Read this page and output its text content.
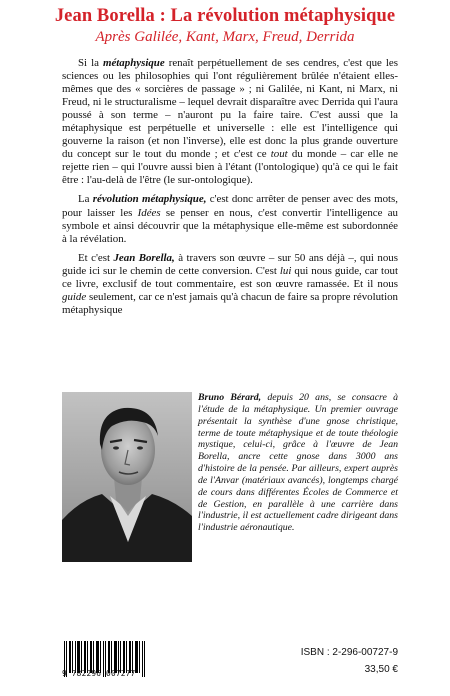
Jean Borella : La révolution métaphysique
Après Galilée, Kant, Marx, Freud, Derrida

Si la métaphysique renaît perpétuellement de ses cendres, c'est que les sciences ou les philosophies qui l'ont régulièrement brûlée n'étaient elles-mêmes que des « sorcières de passage » ; ni Galilée, ni Kant, ni Marx, ni Freud, ni le structuralisme – lequel devrait disparaître avec Derrida qui l'aura poussé à son terme – n'auront pu la faire taire. C'est aussi que la métaphysique est perpétuelle et universelle : elle est l'intelligence qui gouverne la raison (et non l'inverse), elle est donc la plus grande ouverture du concept sur le tout du monde ; et c'est ce tout du monde – car elle ne rejette rien – qui l'ouvre aussi bien à l'étant (l'ontologique) qu'à ce qui le fait être : l'au-delà de l'être (le sur-ontologique).

La révolution métaphysique, c'est donc arrêter de penser avec des mots, pour laisser les Idées se penser en nous, c'est convertir l'intelligence au symbole et ainsi découvrir que la métaphysique elle-même est subordonnée à la révélation.

Et c'est Jean Borella, à travers son œuvre – sur 50 ans déjà –, qui nous guide ici sur le chemin de cette conversion. C'est lui qui nous guide, car tout ce livre, exclusif de tout commentaire, est son œuvre ramassée. Et il nous guide seulement, car ce n'est jamais qu'à chacun de faire sa propre révolution métaphysique

Bruno Bérard, depuis 20 ans, se consacre à l'étude de la métaphysique. Un premier ouvrage présentait la synthèse d'une gnose christique, terme de toute métaphysique et de toute théologie mystique, celui-ci, grâce à l'œuvre de Jean Borella, ancre cette gnose dans 3000 ans d'histoire de la pensée. Par ailleurs, expert auprès de l'Anvar (matériaux avancés), longtemps chargé de cours dans différentes Écoles de Commerce et de Gestion, en parallèle à une carrière dans l'industrie, il est actuellement cadre dirigeant dans l'industrie aéronautique.
9 782296 007277
ISBN : 2-296-00727-9
33,50 €
